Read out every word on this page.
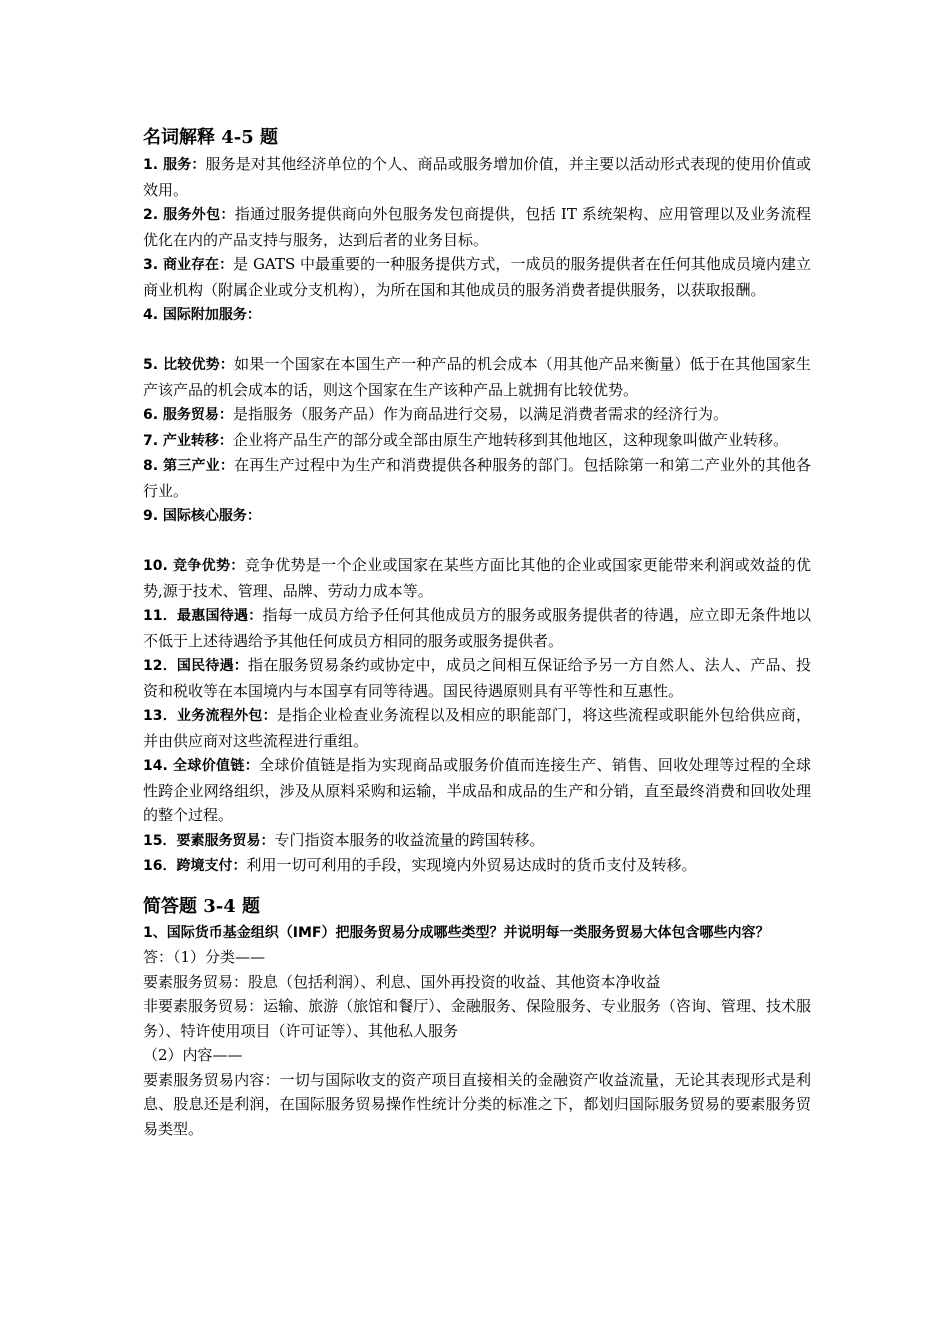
名词解释 4-5 题

1. 服务：服务是对其他经济单位的个人、商品或服务增加价值，并主要以活动形式表现的使用价值或效用。

2. 服务外包：指通过服务提供商向外包服务发包商提供，包括 IT 系统架构、应用管理以及业务流程优化在内的产品支持与服务，达到后者的业务目标。

3. 商业存在：是 GATS 中最重要的一种服务提供方式，一成员的服务提供者在任何其他成员境内建立商业机构（附属企业或分支机构），为所在国和其他成员的服务消费者提供服务，以获取报酬。

4. 国际附加服务：

5. 比较优势：如果一个国家在本国生产一种产品的机会成本（用其他产品来衡量）低于在其他国家生产该产品的机会成本的话，则这个国家在生产该种产品上就拥有比较优势。

6. 服务贸易：是指服务（服务产品）作为商品进行交易，以满足消费者需求的经济行为。

7. 产业转移：企业将产品生产的部分或全部由原生产地转移到其他地区，这种现象叫做产业转移。

8. 第三产业：在再生产过程中为生产和消费提供各种服务的部门。包括除第一和第二产业外的其他各行业。

9. 国际核心服务：

10. 竞争优势：竞争优势是一个企业或国家在某些方面比其他的企业或国家更能带来利润或效益的优势,源于技术、管理、品牌、劳动力成本等。

11．最惠国待遇：指每一成员方给予任何其他成员方的服务或服务提供者的待遇，应立即无条件地以不低于上述待遇给予其他任何成员方相同的服务或服务提供者。

12．国民待遇：指在服务贸易条约或协定中，成员之间相互保证给予另一方自然人、法人、产品、投资和税收等在本国境内与本国享有同等待遇。国民待遇原则具有平等性和互惠性。

13．业务流程外包：是指企业检查业务流程以及相应的职能部门，将这些流程或职能外包给供应商，并由供应商对这些流程进行重组。

14. 全球价值链：全球价值链是指为实现商品或服务价值而连接生产、销售、回收处理等过程的全球性跨企业网络组织，涉及从原料采购和运输，半成品和成品的生产和分销，直至最终消费和回收处理的整个过程。

15．要素服务贸易：专门指资本服务的收益流量的跨国转移。

16．跨境支付：利用一切可利用的手段，实现境内外贸易达成时的货币支付及转移。

简答题 3-4 题

1、国际货币基金组织（IMF）把服务贸易分成哪些类型？并说明每一类服务贸易大体包含哪些内容？

答：（1）分类——

要素服务贸易：股息（包括利润）、利息、国外再投资的收益、其他资本净收益

非要素服务贸易：运输、旅游（旅馆和餐厅）、金融服务、保险服务、专业服务（咨询、管理、技术服务）、特许使用项目（许可证等）、其他私人服务

（2）内容——

要素服务贸易内容：一切与国际收支的资产项目直接相关的金融资产收益流量，无论其表现形式是利息、股息还是利润，在国际服务贸易操作性统计分类的标准之下，都划归国际服务贸易的要素服务贸易类型。
